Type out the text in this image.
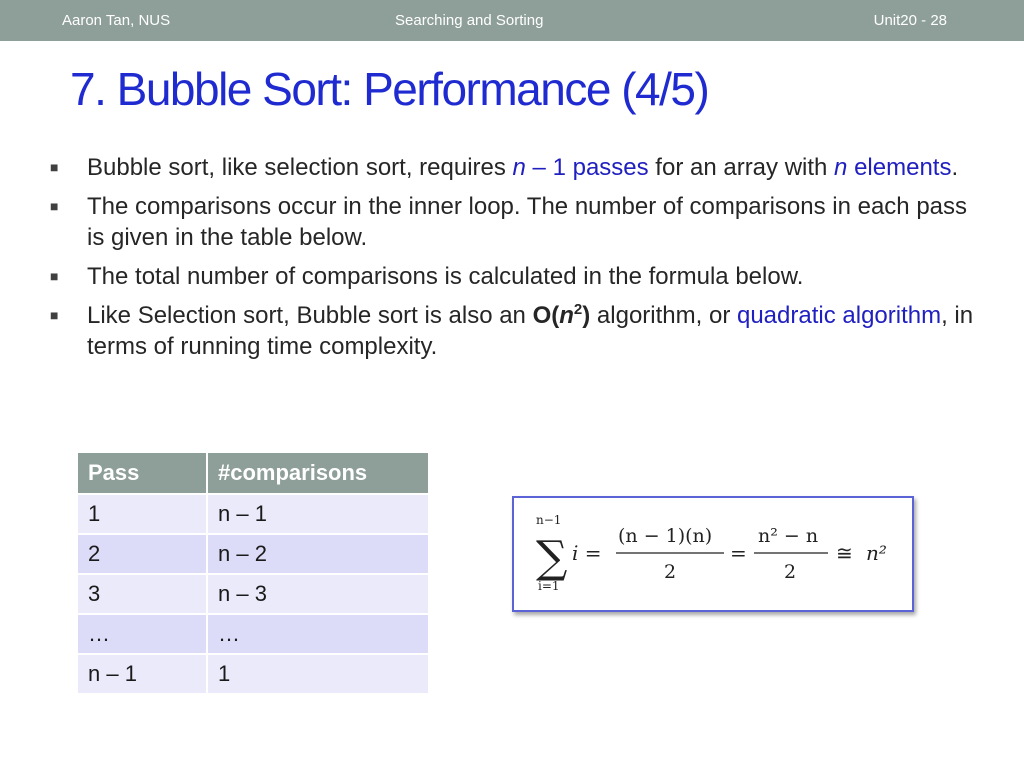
Aaron Tan, NUS	Searching and Sorting	Unit20 - 28
7. Bubble Sort: Performance (4/5)
■ Bubble sort, like selection sort, requires n – 1 passes for an array with n elements.
■ The comparisons occur in the inner loop. The number of comparisons in each pass is given in the table below.
■ The total number of comparisons is calculated in the formula below.
■ Like Selection sort, Bubble sort is also an $O(n^2)$ algorithm, or quadratic algorithm, in terms of running time complexity.
Pass	#comparisons
1	n – 1
2	n – 2
3	n – 3
…	…
n – 1	1
n−1
∑
i=1
i =
(n − 1)(n)
2
=
n² − n
2
≅ n²
